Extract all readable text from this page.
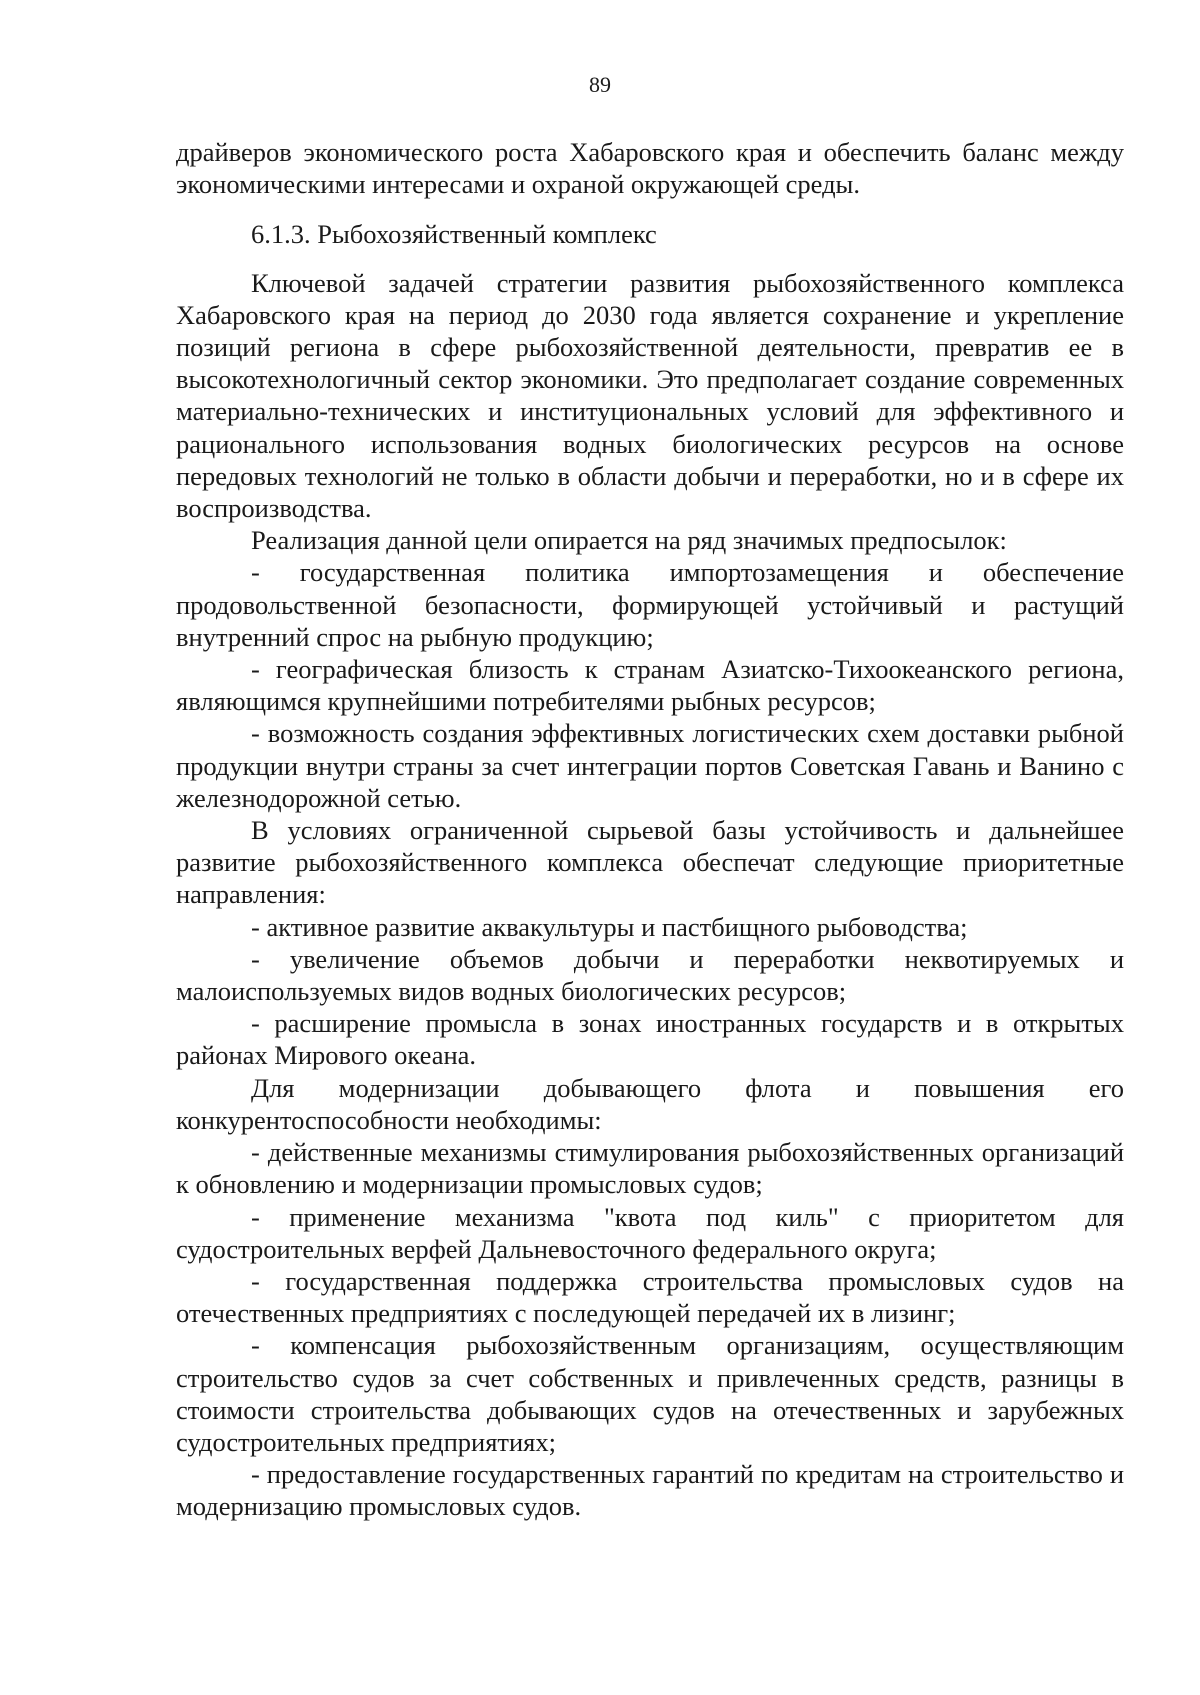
89

драйверов экономического роста Хабаровского края и обеспечить баланс между экономическими интересами и охраной окружающей среды.

6.1.3. Рыбохозяйственный комплекс

Ключевой задачей стратегии развития рыбохозяйственного комплекса Хабаровского края на период до 2030 года является сохранение и укрепление позиций региона в сфере рыбохозяйственной деятельности, превратив ее в высокотехнологичный сектор экономики. Это предполагает создание современных материально-технических и институциональных условий для эффективного и рационального использования водных биологических ресурсов на основе передовых технологий не только в области добычи и переработки, но и в сфере их воспроизводства.

Реализация данной цели опирается на ряд значимых предпосылок:

- государственная политика импортозамещения и обеспечение продовольственной безопасности, формирующей устойчивый и растущий внутренний спрос на рыбную продукцию;

- географическая близость к странам Азиатско-Тихоокеанского региона, являющимся крупнейшими потребителями рыбных ресурсов;

- возможность создания эффективных логистических схем доставки рыбной продукции внутри страны за счет интеграции портов Советская Гавань и Ванино с железнодорожной сетью.

В условиях ограниченной сырьевой базы устойчивость и дальнейшее развитие рыбохозяйственного комплекса обеспечат следующие приоритетные направления:

- активное развитие аквакультуры и пастбищного рыбоводства;

- увеличение объемов добычи и переработки неквотируемых и малоиспользуемых видов водных биологических ресурсов;

- расширение промысла в зонах иностранных государств и в открытых районах Мирового океана.

Для модернизации добывающего флота и повышения его конкурентоспособности необходимы:

- действенные механизмы стимулирования рыбохозяйственных организаций к обновлению и модернизации промысловых судов;

- применение механизма "квота под киль" с приоритетом для судостроительных верфей Дальневосточного федерального округа;

- государственная поддержка строительства промысловых судов на отечественных предприятиях с последующей передачей их в лизинг;

- компенсация рыбохозяйственным организациям, осуществляющим строительство судов за счет собственных и привлеченных средств, разницы в стоимости строительства добывающих судов на отечественных и зарубежных судостроительных предприятиях;

- предоставление государственных гарантий по кредитам на строительство и модернизацию промысловых судов.
